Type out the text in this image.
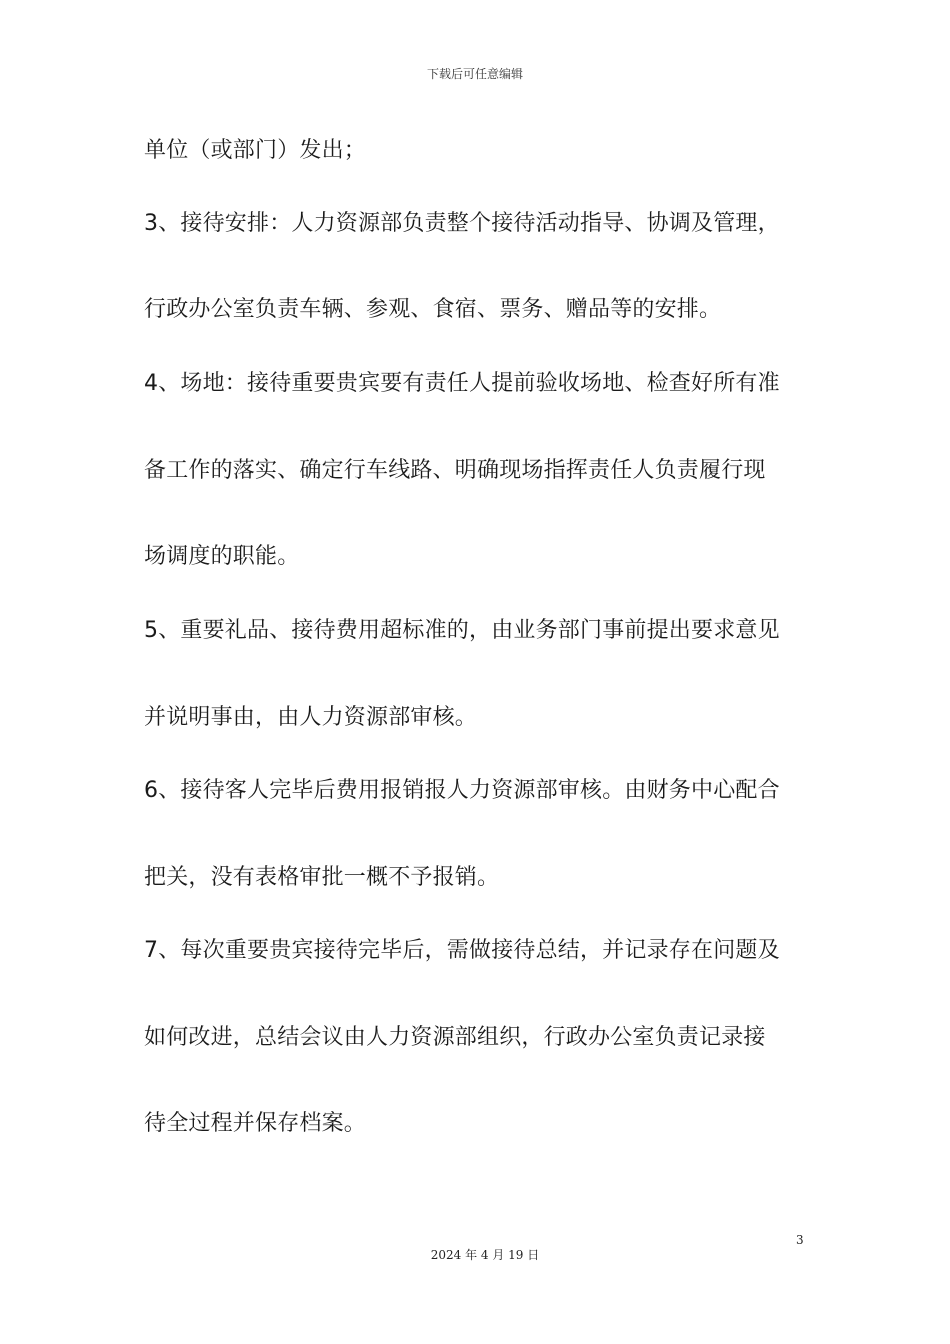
下载后可任意编辑
单位（或部门）发出；
3、接待安排：人力资源部负责整个接待活动指导、协调及管理，
行政办公室负责车辆、参观、食宿、票务、赠品等的安排。
4、场地：接待重要贵宾要有责任人提前验收场地、检查好所有准
备工作的落实、确定行车线路、明确现场指挥责任人负责履行现
场调度的职能。
5、重要礼品、接待费用超标准的，由业务部门事前提出要求意见
并说明事由，由人力资源部审核。
6、接待客人完毕后费用报销报人力资源部审核。由财务中心配合
把关，没有表格审批一概不予报销。
7、每次重要贵宾接待完毕后，需做接待总结，并记录存在问题及
如何改进，总结会议由人力资源部组织，行政办公室负责记录接
待全过程并保存档案。
3
2024 年 4 月 19 日
